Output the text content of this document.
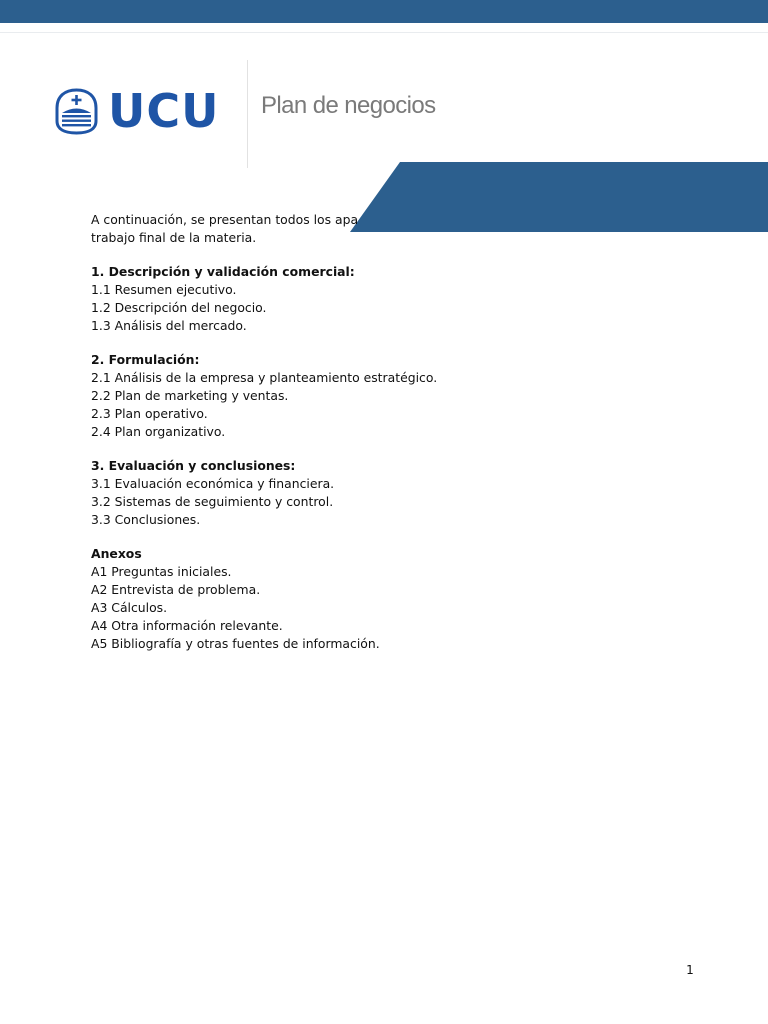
UCU Plan de negocios
A continuación, se presentan todos los apa
trabajo final de la materia.

1. Descripción y validación comercial:

1.1 Resumen ejecutivo.

1.2 Descripción del negocio.

1.3 Análisis del mercado.

2. Formulación:

2.1 Análisis de la empresa y planteamiento estratégico.

2.2 Plan de marketing y ventas.

2.3 Plan operativo.

2.4 Plan organizativo.

3. Evaluación y conclusiones:

3.1 Evaluación económica y financiera.

3.2 Sistemas de seguimiento y control.

3.3 Conclusiones.

Anexos

A1 Preguntas iniciales.

A2 Entrevista de problema.

A3 Cálculos.

A4 Otra información relevante.

A5 Bibliografía y otras fuentes de información.

1
